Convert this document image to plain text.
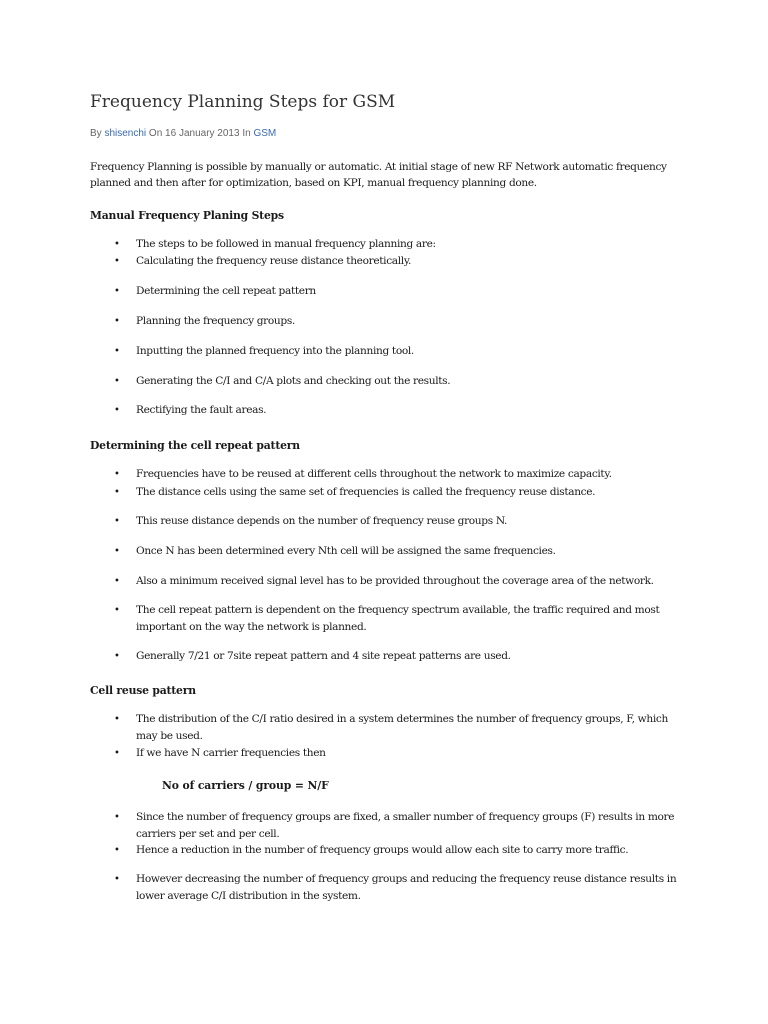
Frequency Planning Steps for GSM
By shisenchi On 16 January 2013 In GSM

Frequency Planning is possible by manually or automatic. At initial stage of new RF Network automatic frequency planned and then after for optimization, based on KPI, manual frequency planning done.

Manual Frequency Planing Steps

• The steps to be followed in manual frequency planning are:

• Calculating the frequency reuse distance theoretically.

• Determining the cell repeat pattern

• Planning the frequency groups.

• Inputting the planned frequency into the planning tool.

• Generating the C/I and C/A plots and checking out the results.

• Rectifying the fault areas.

Determining the cell repeat pattern

• Frequencies have to be reused at different cells throughout the network to maximize capacity.

• The distance cells using the same set of frequencies is called the frequency reuse distance.

• This reuse distance depends on the number of frequency reuse groups N.

• Once N has been determined every Nth cell will be assigned the same frequencies.

• Also a minimum received signal level has to be provided throughout the coverage area of the network.

• The cell repeat pattern is dependent on the frequency spectrum available, the traffic required and most important on the way the network is planned.

• Generally 7/21 or 7site repeat pattern and 4 site repeat patterns are used.

Cell reuse pattern

• The distribution of the C/I ratio desired in a system determines the number of frequency groups, F, which may be used.

• If we have N carrier frequencies then

No of carriers / group = N/F

• Since the number of frequency groups are fixed, a smaller number of frequency groups (F) results in more carriers per set and per cell.

• Hence a reduction in the number of frequency groups would allow each site to carry more traffic.

• However decreasing the number of frequency groups and reducing the frequency reuse distance results in lower average C/I distribution in the system.
